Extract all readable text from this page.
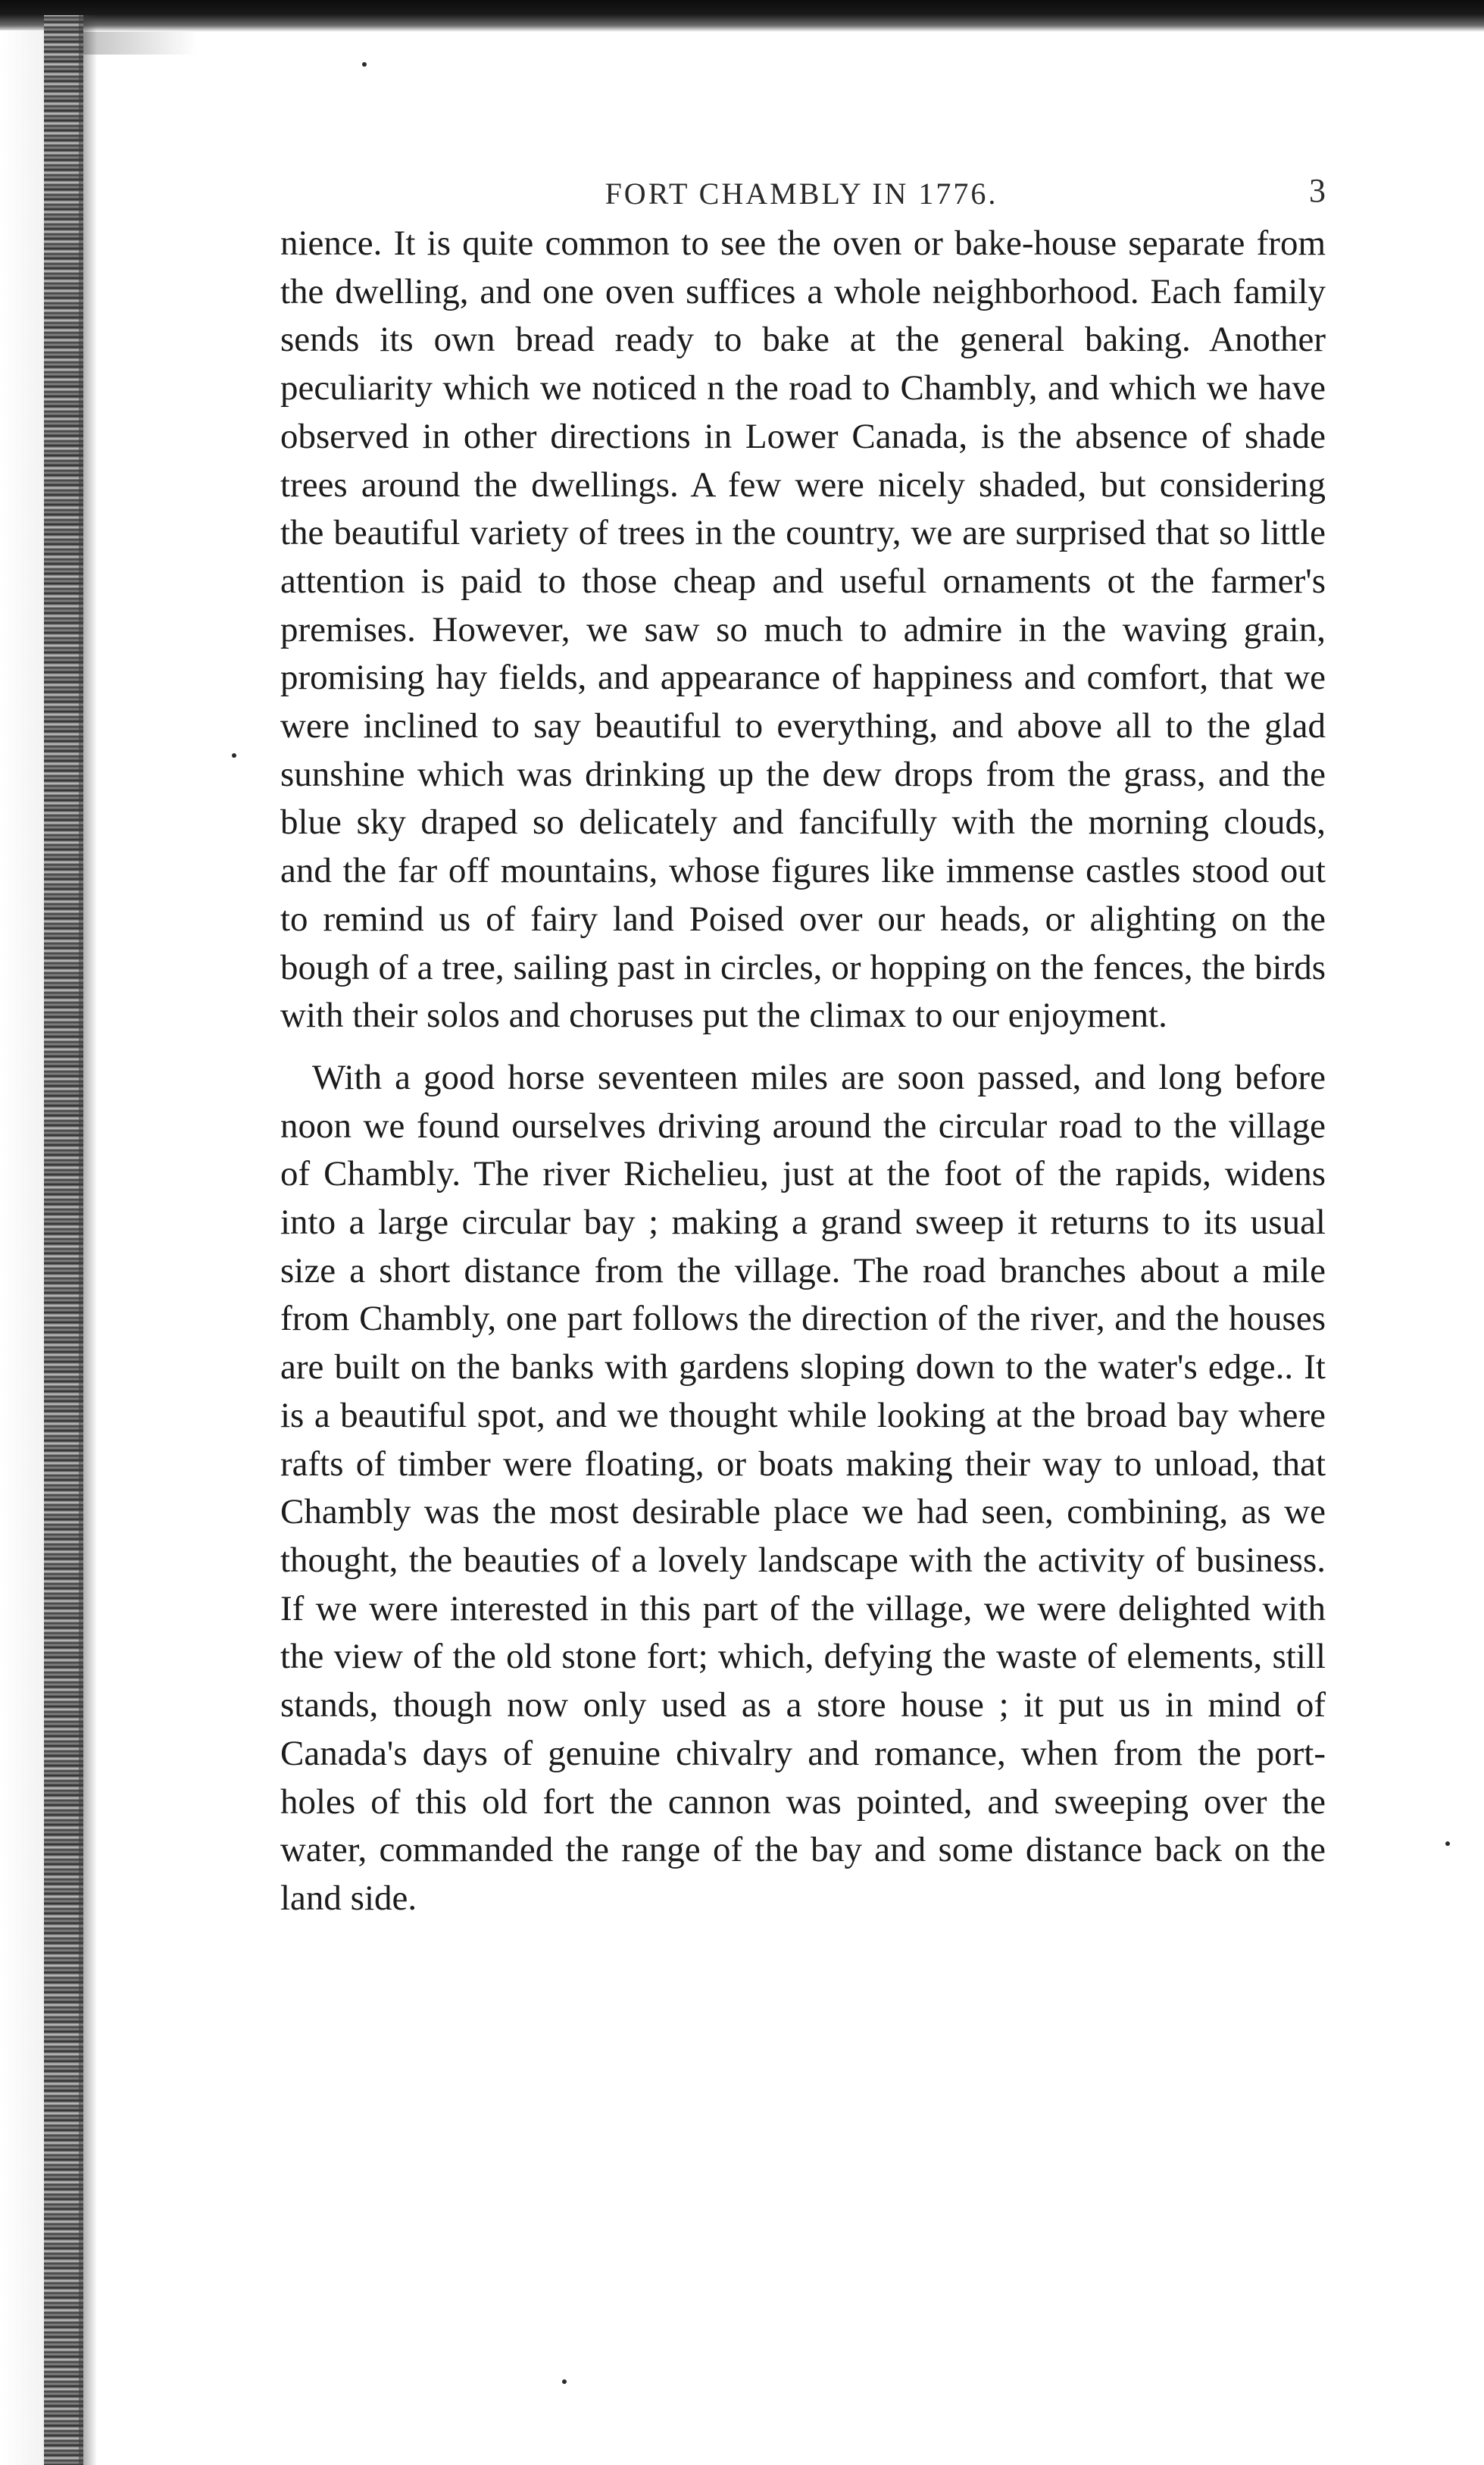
FORT CHAMBLY IN 1776.	3

nience. It is quite common to see the oven or bake-house separate from the dwelling, and one oven suffices a whole neighborhood. Each family sends its own bread ready to bake at the general baking. Another peculiarity which we noticed n the road to Chambly, and which we have observed in other directions in Lower Canada, is the absence of shade trees around the dwellings. A few were nicely shaded, but considering the beautiful variety of trees in the country, we are surprised that so little attention is paid to those cheap and useful ornaments ot the farmer's premises. However, we saw so much to admire in the waving grain, promising hay fields, and appearance of happiness and comfort, that we were inclined to say beautiful to everything, and above all to the glad sunshine which was drinking up the dew drops from the grass, and the blue sky draped so delicately and fancifully with the morning clouds, and the far off mountains, whose figures like immense castles stood out to remind us of fairy land Poised over our heads, or alighting on the bough of a tree, sailing past in circles, or hopping on the fences, the birds with their solos and choruses put the climax to our enjoyment.

With a good horse seventeen miles are soon passed, and long before noon we found ourselves driving around the circular road to the village of Chambly. The river Richelieu, just at the foot of the rapids, widens into a large circular bay ; making a grand sweep it returns to its usual size a short distance from the village. The road branches about a mile from Chambly, one part follows the direction of the river, and the houses are built on the banks with gardens sloping down to the water's edge.. It is a beautiful spot, and we thought while looking at the broad bay where rafts of timber were floating, or boats making their way to unload, that Chambly was the most desirable place we had seen, combining, as we thought, the beauties of a lovely landscape with the activity of business. If we were interested in this part of the village, we were delighted with the view of the old stone fort; which, defying the waste of elements, still stands, though now only used as a store house ; it put us in mind of Canada's days of genuine chivalry and romance, when from the port-holes of this old fort the cannon was pointed, and sweeping over the water, commanded the range of the bay and some distance back on the land side.
